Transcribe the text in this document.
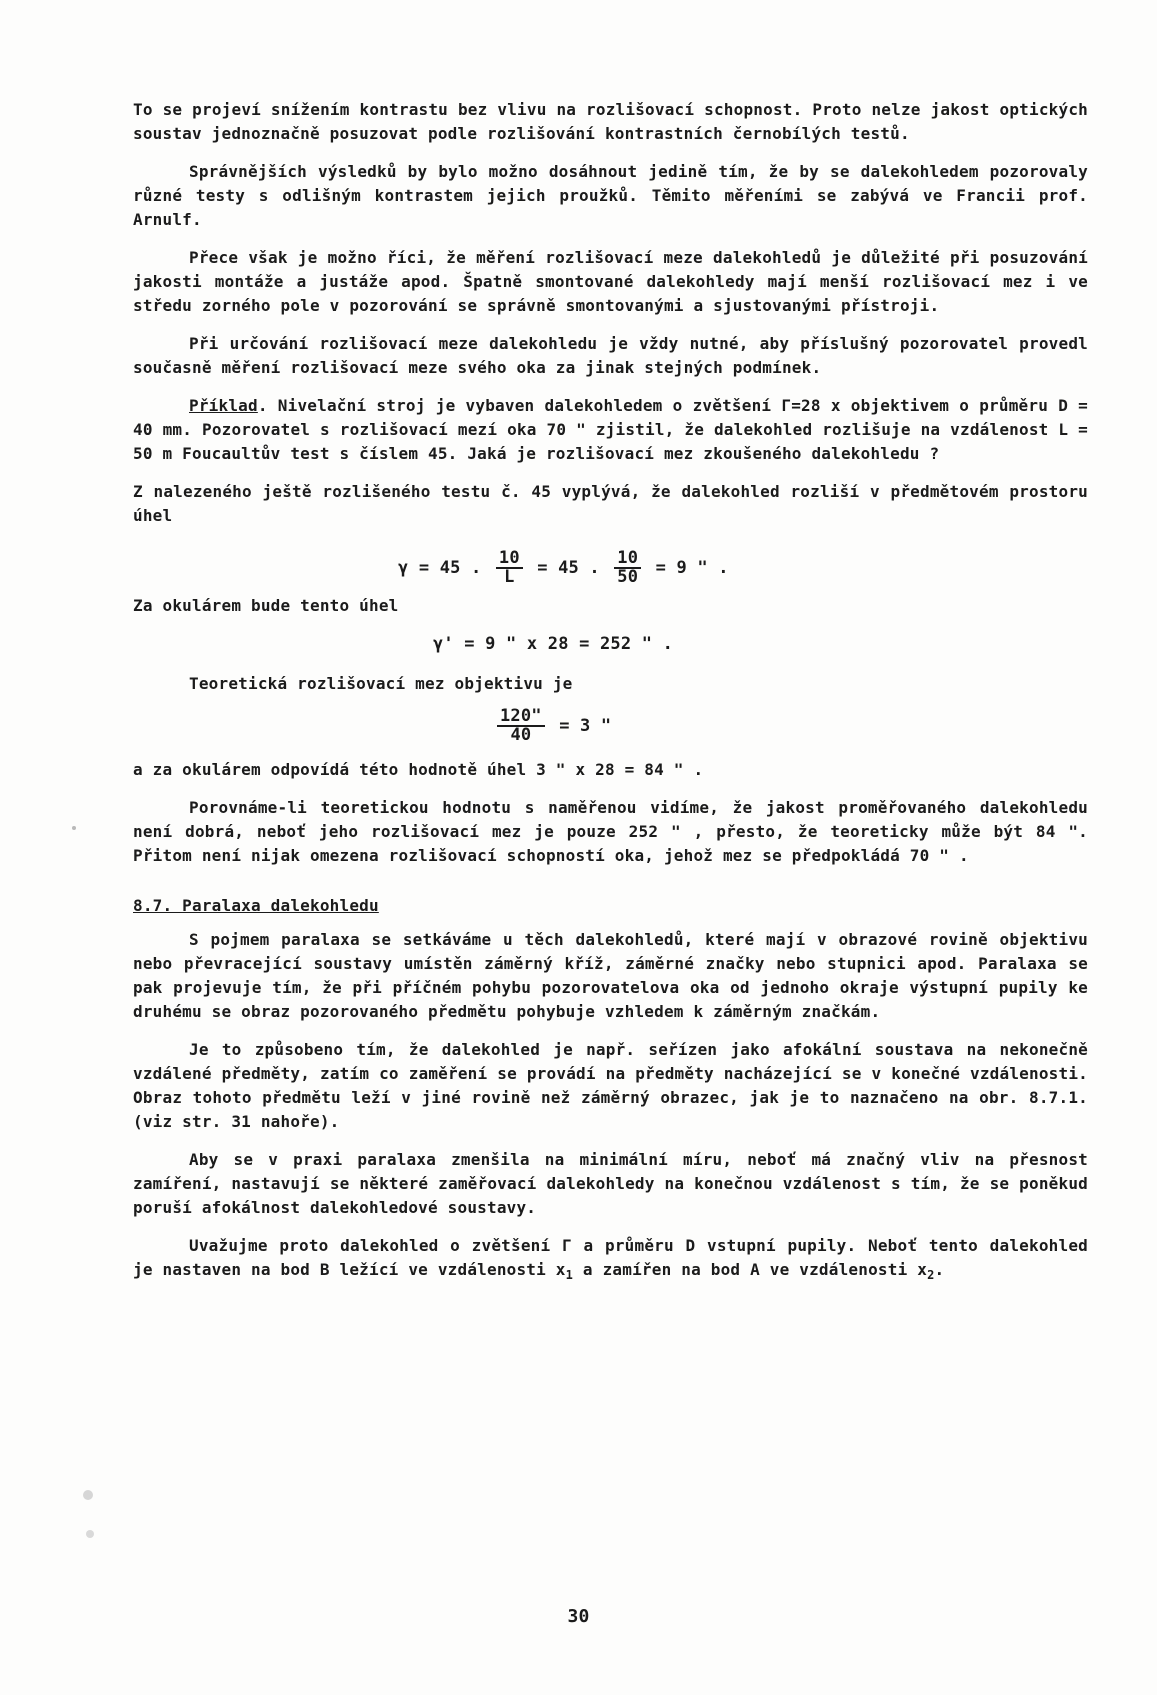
To se projeví snížením kontrastu bez vlivu na rozlišovací schopnost. Proto nelze jakost optických soustav jednoznačně posuzovat podle rozlišování kontrastních černobílých testů.

Správnějších výsledků by bylo možno dosáhnout jedině tím, že by se dalekohledem pozorovaly různé testy s odlišným kontrastem jejich proužků. Těmito měřeními se zabývá ve Francii prof. Arnulf.

Přece však je možno říci, že měření rozlišovací meze dalekohledů je důležité při posuzování jakosti montáže a justáže apod. Špatně smontované dalekohledy mají menší rozlišovací mez i ve středu zorného pole v pozorování se správně smontovanými a sjustovanými přístroji.

Při určování rozlišovací meze dalekohledu je vždy nutné, aby příslušný pozorovatel provedl současně měření rozlišovací meze svého oka za jinak stejných podmínek.

Příklad. Nivelační stroj je vybaven dalekohledem o zvětšení Γ=28 x objektivem o průměru D = 40 mm. Pozorovatel s rozlišovací mezí oka 70 " zjistil, že dalekohled rozlišuje na vzdálenost L = 50 m Foucaultův test s číslem 45. Jaká je rozlišovací mez zkoušeného dalekohledu ?

Z nalezeného ještě rozlišeného testu č. 45 vyplývá, že dalekohled rozliší v předmětovém prostoru úhel

γ = 45 . $\frac{10}{L} = 45$ . $\frac{10}{50} = 9$ " .

Za okulárem bude tento úhel

γ' = 9 " x 28 = 252 " .

Teoretická rozlišovací mez objektivu je

$\frac{120"}{40} = 3$ "

a za okulárem odpovídá této hodnotě úhel 3 " x 28 = 84 " .

Porovnáme-li teoretickou hodnotu s naměřenou vidíme, že jakost proměřovaného dalekohledu není dobrá, neboť jeho rozlišovací mez je pouze 252 " , přesto, že teoreticky může být 84 ". Přitom není nijak omezena rozlišovací schopností oka, jehož mez se předpokládá 70 " .

8.7. Paralaxa dalekohledu

S pojmem paralaxa se setkáváme u těch dalekohledů, které mají v obrazové rovině objektivu nebo převracející soustavy umístěn záměrný kříž, záměrné značky nebo stupnici apod. Paralaxa se pak projevuje tím, že při příčném pohybu pozorovatelova oka od jednoho okraje výstupní pupily ke druhému se obraz pozorovaného předmětu pohybuje vzhledem k záměrným značkám.

Je to způsobeno tím, že dalekohled je např. seřízen jako afokální soustava na nekonečně vzdálené předměty, zatím co zaměření se provádí na předměty nacházející se v konečné vzdálenosti. Obraz tohoto předmětu leží v jiné rovině než záměrný obrazec, jak je to naznačeno na obr. 8.7.1. (viz str. 31 nahoře).

Aby se v praxi paralaxa zmenšila na minimální míru, neboť má značný vliv na přesnost zamíření, nastavují se některé zaměřovací dalekohledy na konečnou vzdálenost s tím, že se poněkud poruší afokálnost dalekohledové soustavy.

Uvažujme proto dalekohled o zvětšení Γ a průměru D vstupní pupily. Neboť tento dalekohled je nastaven na bod B ležící ve vzdálenosti $x_1$ a zamířen na bod A ve vzdálenosti $x_2$.

30
